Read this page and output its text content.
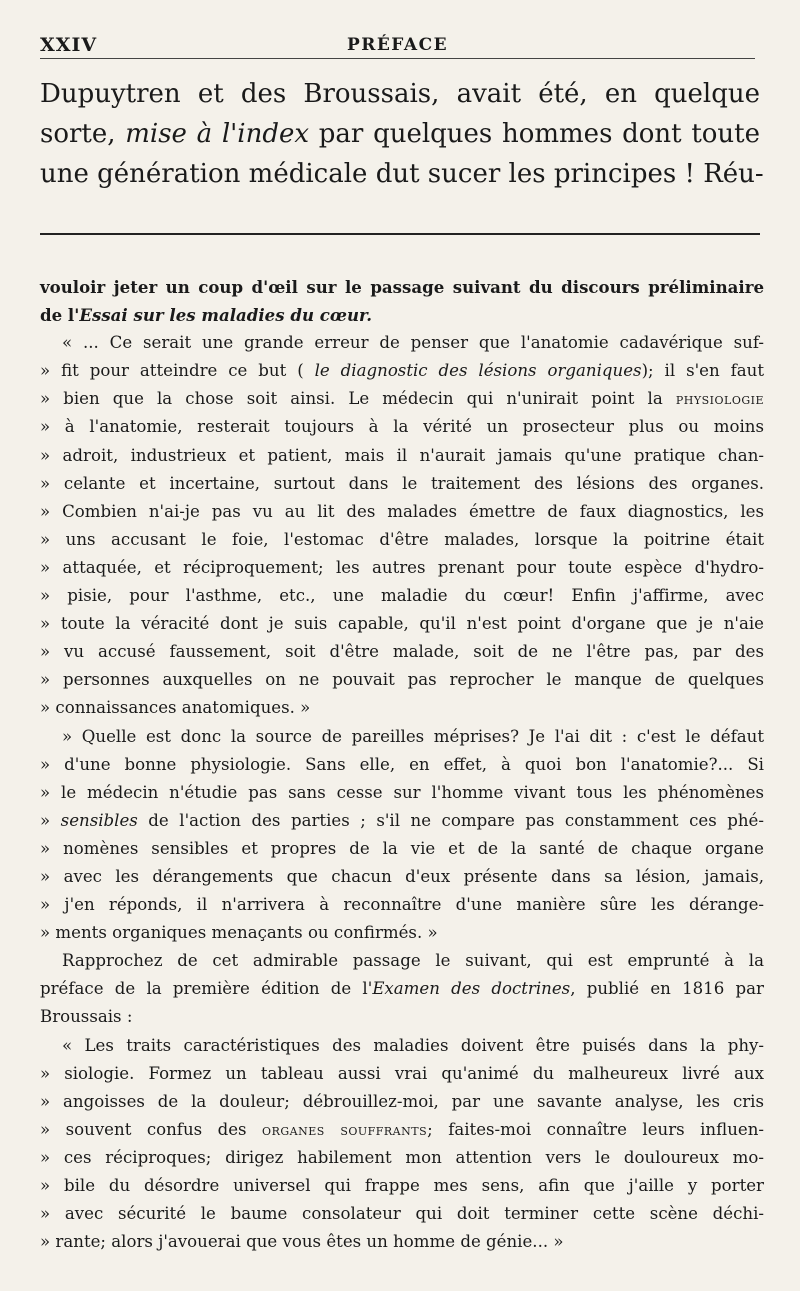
XXIV	PRÉFACE
Dupuytren et des Broussais, avait été, en quelque
sorte, mise à l'index par quelques hommes dont toute
une génération médicale dut sucer les principes ! Réu-
vouloir jeter un coup d'œil sur le passage suivant du discours préliminaire
de l'Essai sur les maladies du cœur.
« ... Ce serait une grande erreur de penser que l'anatomie cadavérique suf-
» fit pour atteindre ce but ( le diagnostic des lésions organiques); il s'en faut
» bien que la chose soit ainsi. Le médecin qui n'unirait point la physiologie
» à l'anatomie, resterait toujours à la vérité un prosecteur plus ou moins
» adroit, industrieux et patient, mais il n'aurait jamais qu'une pratique chan-
» celante et incertaine, surtout dans le traitement des lésions des organes.
» Combien n'ai-je pas vu au lit des malades émettre de faux diagnostics, les
» uns accusant le foie, l'estomac d'être malades, lorsque la poitrine était
» attaquée, et réciproquement; les autres prenant pour toute espèce d'hydro-
» pisie, pour l'asthme, etc., une maladie du cœur! Enfin j'affirme, avec
» toute la véracité dont je suis capable, qu'il n'est point d'organe que je n'aie
» vu accusé faussement, soit d'être malade, soit de ne l'être pas, par des
» personnes auxquelles on ne pouvait pas reprocher le manque de quelques
» connaissances anatomiques. »
» Quelle est donc la source de pareilles méprises? Je l'ai dit : c'est le défaut
» d'une bonne physiologie. Sans elle, en effet, à quoi bon l'anatomie?... Si
» le médecin n'étudie pas sans cesse sur l'homme vivant tous les phénomènes
» sensibles de l'action des parties ; s'il ne compare pas constamment ces phé-
» nomènes sensibles et propres de la vie et de la santé de chaque organe
» avec les dérangements que chacun d'eux présente dans sa lésion, jamais,
» j'en réponds, il n'arrivera à reconnaître d'une manière sûre les dérange-
» ments organiques menaçants ou confirmés. »
Rapprochez de cet admirable passage le suivant, qui est emprunté à la
préface de la première édition de l'Examen des doctrines, publié en 1816 par
Broussais :
« Les traits caractéristiques des maladies doivent être puisés dans la phy-
» siologie. Formez un tableau aussi vrai qu'animé du malheureux livré aux
» angoisses de la douleur; débrouillez-moi, par une savante analyse, les cris
» souvent confus des organes souffrants; faites-moi connaître leurs influen-
» ces réciproques; dirigez habilement mon attention vers le douloureux mo-
» bile du désordre universel qui frappe mes sens, afin que j'aille y porter
» avec sécurité le baume consolateur qui doit terminer cette scène déchi-
» rante; alors j'avouerai que vous êtes un homme de génie... »
